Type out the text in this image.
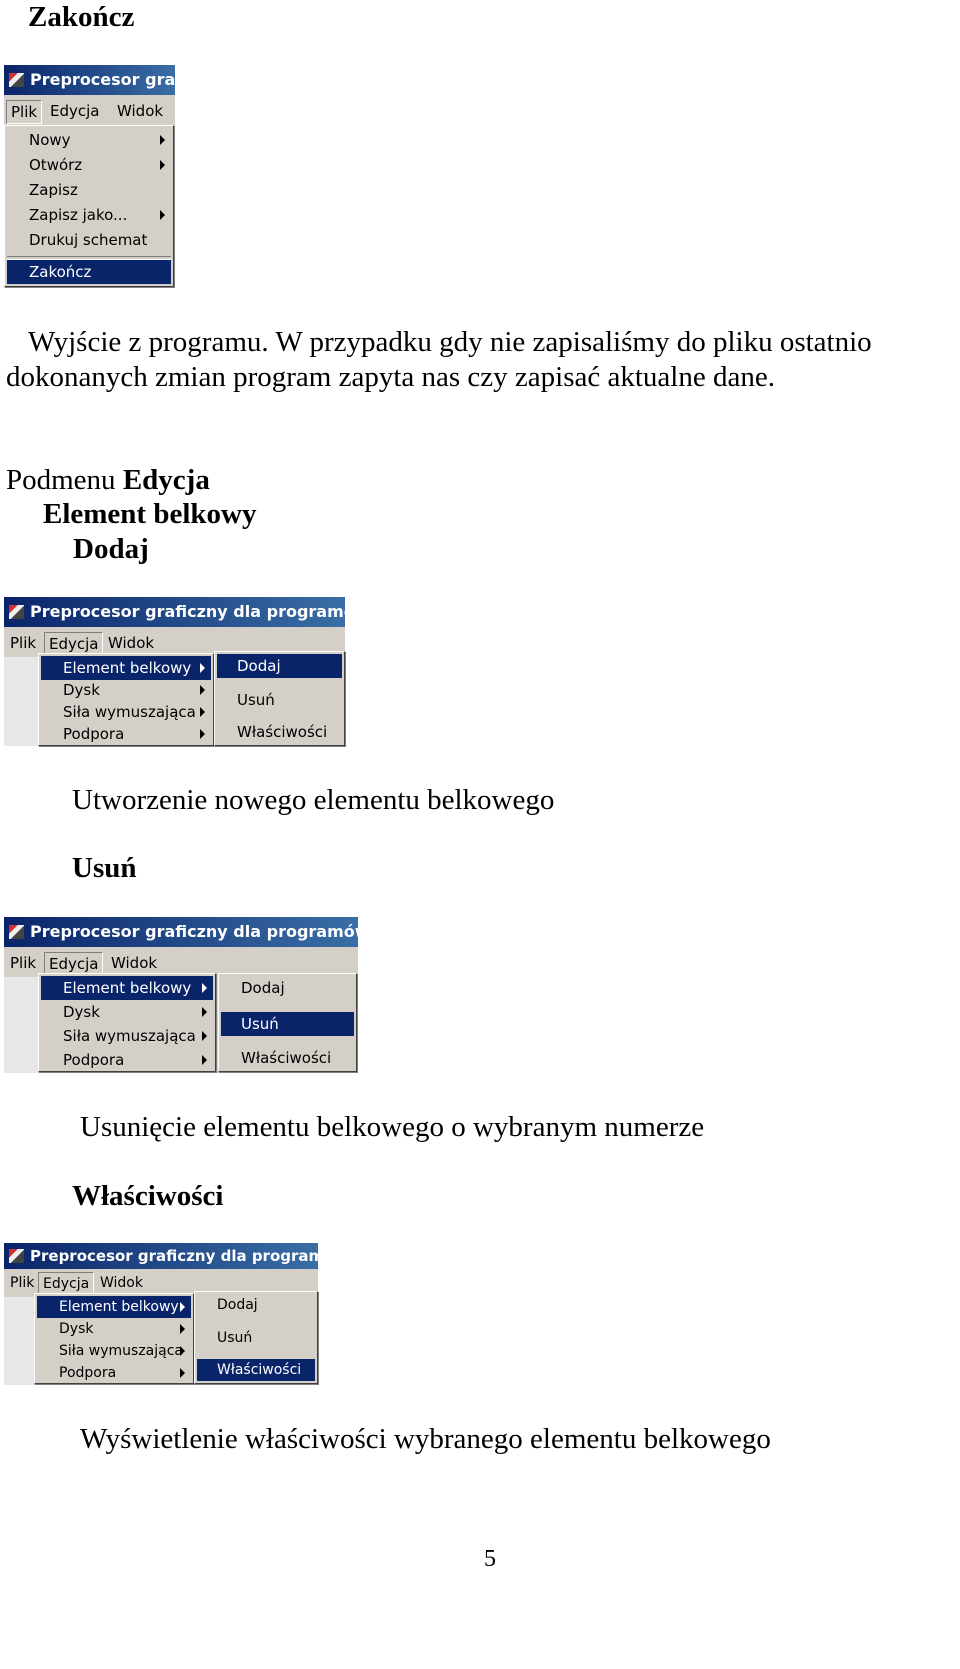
Zakończ
Preprocesor grafi
Plik Edycja Widok
Nowy
Otwórz
Zapisz
Zapisz jako...
Drukuj schemat
Zakończ
Wyjście z programu. W przypadku gdy nie zapisaliśmy do pliku ostatnio
dokonanych zmian program zapyta nas czy zapisać aktualne dane.
Podmenu Edycja
Element belkowy
Dodaj
Preprocesor graficzny dla programów NL
Plik Edycja Widok
Element belkowy
Dysk
Siła wymuszająca
Podpora
Dodaj
Usuń
Właściwości
Utworzenie nowego elementu belkowego
Usuń
Preprocesor graficzny dla programów NLI
Plik Edycja Widok
Element belkowy
Dysk
Siła wymuszająca
Podpora
Dodaj
Usuń
Właściwości
Usunięcie elementu belkowego o wybranym numerze
Właściwości
Preprocesor graficzny dla programów NL
Plik Edycja Widok
Element belkowy
Dysk
Siła wymuszająca
Podpora
Dodaj
Usuń
Właściwości
Wyświetlenie właściwości wybranego elementu belkowego
5
